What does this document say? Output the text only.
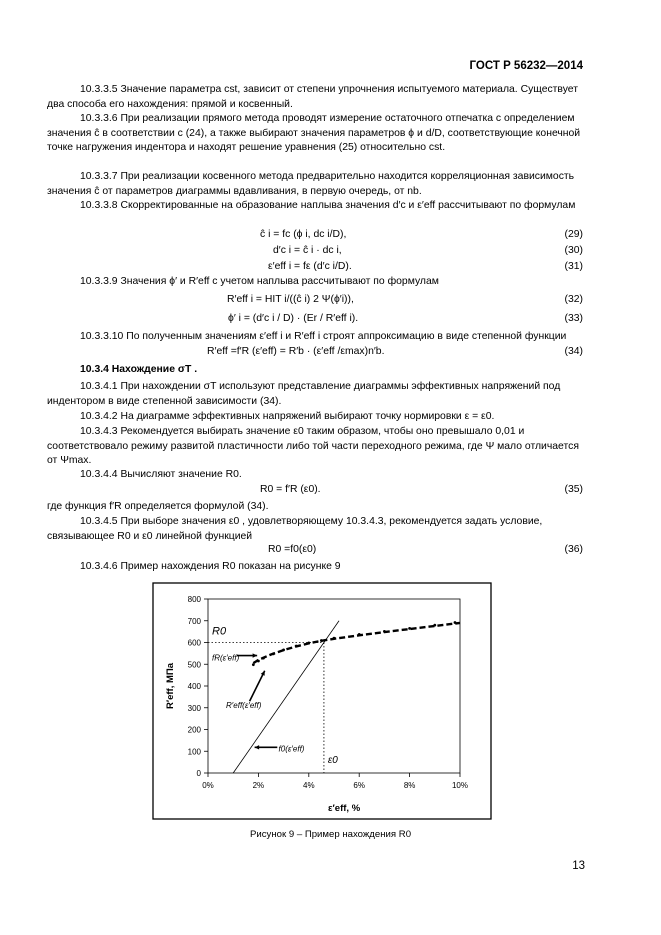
ГОСТ Р 56232—2014
10.3.3.5 Значение параметра cst, зависит от степени упрочнения испытуемого материала. Существует два способа его нахождения: прямой и косвенный.
10.3.3.6 При реализации прямого метода проводят измерение остаточного отпечатка с определением значения ĉ в соответствии с (24), а также выбирают значения параметров ϕ и d/D, соответствующие конечной точке нагружения индентора и находят решение уравнения (25) относительно cst.
10.3.3.7 При реализации косвенного метода предварительно находится корреляционная зависимость значения ĉ от параметров диаграммы вдавливания, в первую очередь, от nb.
10.3.3.8 Скорректированные на образование наплыва значения d′c и ε′eff рассчитывают по формулам
ĉ i = fc (ϕ i, dc i/D),	(29)
d′c i = ĉ i · dc i,	(30)
ε′eff i = fε (d′c i/D).	(31)
10.3.3.9 Значения ϕ′ и R′eff с учетом наплыва рассчитывают по формулам
R′eff i = HIT i/((ĉ i) 2 Ψ(ϕ′i)),	(32)
ϕ′ i = (d′c i / D) · (Er / R′eff i).	(33)
10.3.3.10 По полученным значениям ε′eff i и R′eff i строят аппроксимацию в виде степенной функции
R′eff =f′R (ε′eff) = R′b · (ε′eff /εmax)n′b.	(34)
10.3.4 Нахождение σT .
10.3.4.1 При нахождении σT используют представление диаграммы эффективных напряжений под индентором в виде степенной зависимости (34).
10.3.4.2 На диаграмме эффективных напряжений выбирают точку нормировки ε = ε0.
10.3.4.3 Рекомендуется выбирать значение ε0 таким образом, чтобы оно превышало 0,01 и соответствовало режиму развитой пластичности либо той части переходного режима, где Ψ мало отличается от Ψmax.
10.3.4.4 Вычисляют значение R0.
R0 = f′R (ε0).	(35)
где функция f′R определяется формулой (34).
10.3.4.5 При выборе значения ε0 , удовлетворяющему 10.3.4.3, рекомендуется задать условие, связывающее R0 и ε0 линейной функцией
R0 =f0(ε0)	(36)
10.3.4.6 Пример нахождения R0 показан на рисунке 9
0
100
200
300
400
500
600
700
800
0%	2%	4%	6%	8%	10%
ε′eff, %
R′eff, МПа
R0
ε0
fR(ε′eff)
R′eff(ε′eff)
f0(ε′eff)
Рисунок 9 – Пример нахождения R0
13
